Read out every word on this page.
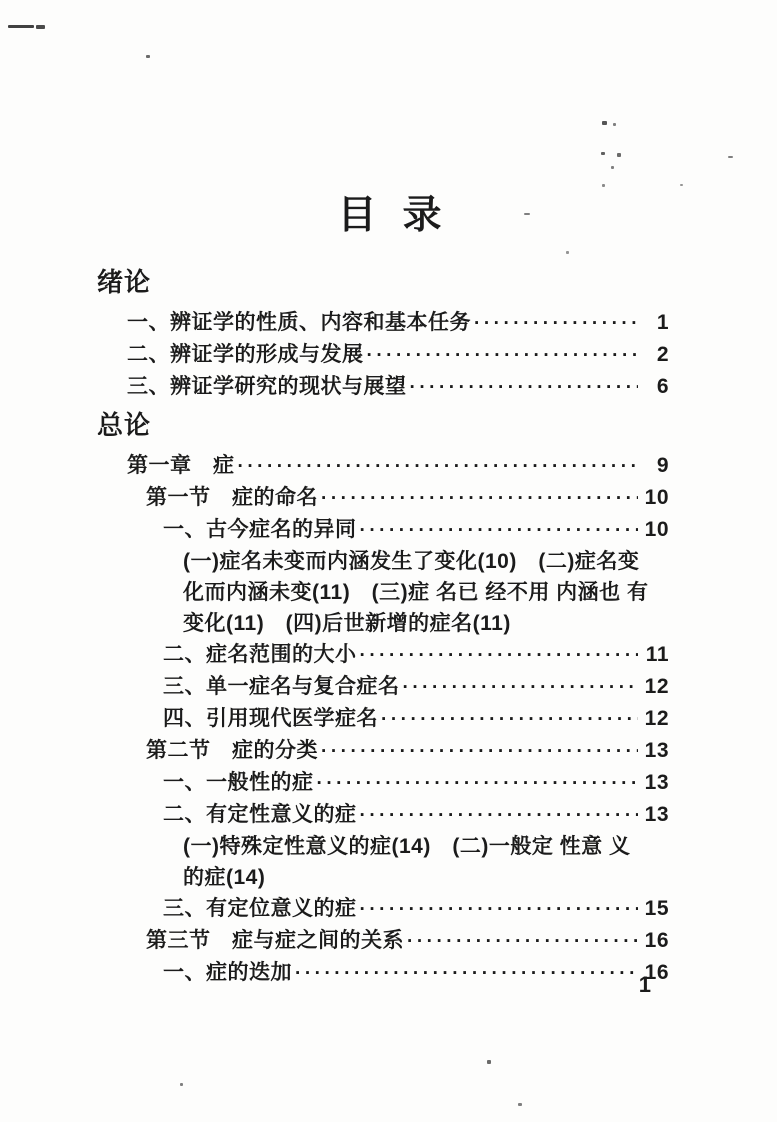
目录
绪论
一、辨证学的性质、内容和基本任务 ·····	1
二、辨证学的形成与发展 ·····	2
三、辨证学研究的现状与展望 ·····	6
总论
第一章　症 ·····	9
第一节　症的命名 ·····	10
一、古今症名的异同 ·····	10
(一)症名未变而内涵发生了变化(10)　(二)症名变
化而内涵未变(11)　(三)症 名已 经不用 内涵也 有
变化(11)　(四)后世新增的症名(11)
二、症名范围的大小 ·····	11
三、单一症名与复合症名 ·····	12
四、引用现代医学症名 ·····	12
第二节　症的分类 ·····	13
一、一般性的症 ·····	13
二、有定性意义的症 ·····	13
(一)特殊定性意义的症(14)　(二)一般定 性意 义
的症(14)
三、有定位意义的症 ·····	15
第三节　症与症之间的关系 ·····	16
一、症的迭加 ·····	16
1
